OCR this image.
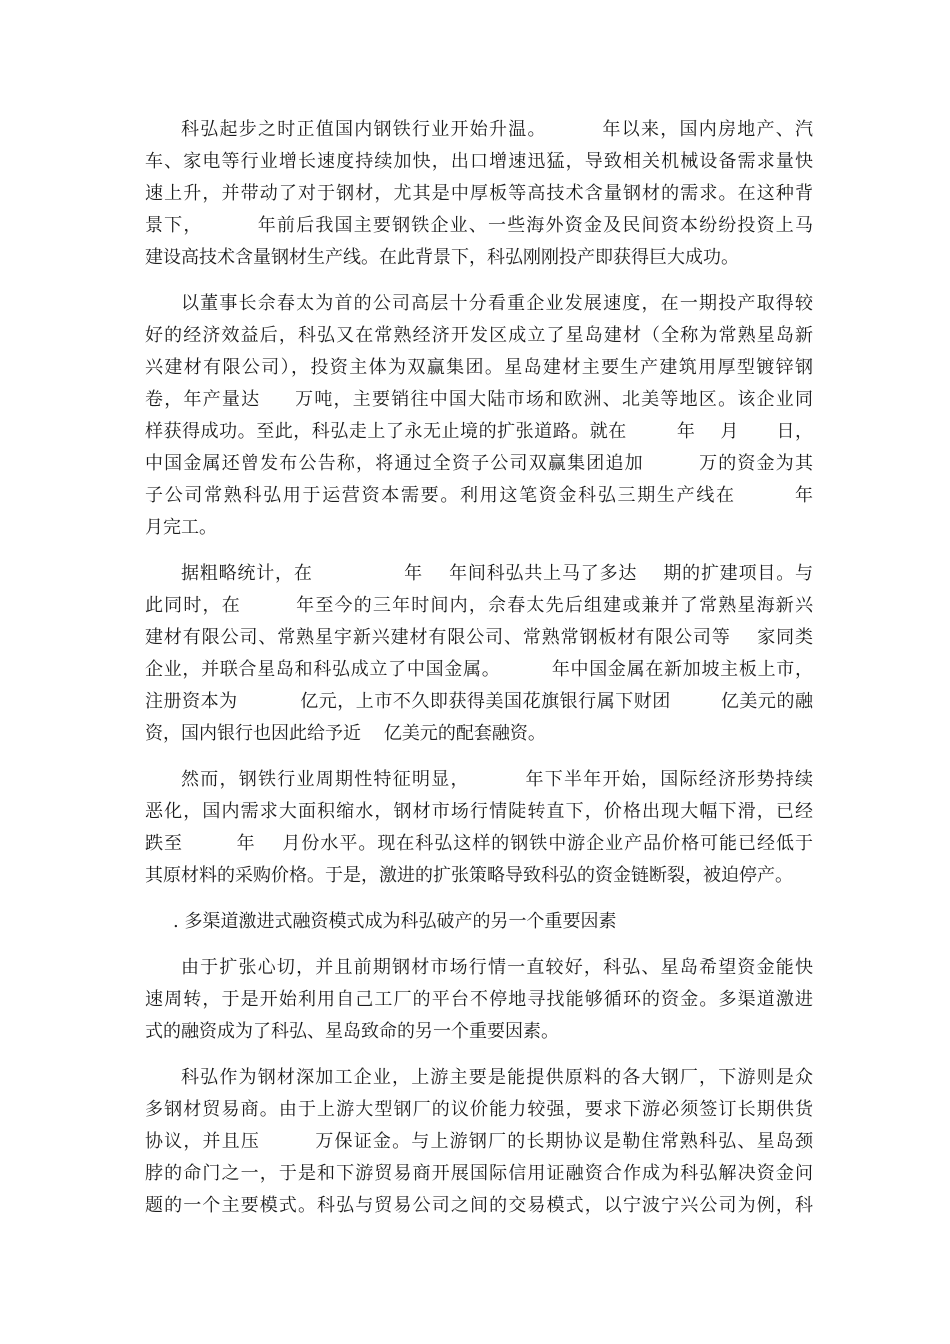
科弘起步之时正值国内钢铁行业开始升温。        年以来，国内房地产、汽
车、家电等行业增长速度持续加快，出口增速迅猛，导致相关机械设备需求量快
速上升，并带动了对于钢材，尤其是中厚板等高技术含量钢材的需求。在这种背
景下，        年前后我国主要钢铁企业、一些海外资金及民间资本纷纷投资上马
建设高技术含量钢材生产线。在此背景下，科弘刚刚投产即获得巨大成功。
以董事长佘春太为首的公司高层十分看重企业发展速度，在一期投产取得较
好的经济效益后，科弘又在常熟经济开发区成立了星岛建材（全称为常熟星岛新
兴建材有限公司），投资主体为双赢集团。星岛建材主要生产建筑用厚型镀锌钢
卷，年产量达     万吨，主要销往中国大陆市场和欧洲、北美等地区。该企业同
样获得成功。至此，科弘走上了永无止境的扩张道路。就在        年    月      日，
中国金属还曾发布公告称，将通过全资子公司双赢集团追加        万的资金为其
子公司常熟科弘用于运营资本需要。利用这笔资金科弘三期生产线在        年
月完工。
据粗略统计，在              年    年间科弘共上马了多达    期的扩建项目。与
此同时，在        年至今的三年时间内，佘春太先后组建或兼并了常熟星海新兴
建材有限公司、常熟星宇新兴建材有限公司、常熟常钢板材有限公司等    家同类
企业，并联合星岛和科弘成立了中国金属。        年中国金属在新加坡主板上市，
注册资本为          亿元，上市不久即获得美国花旗银行属下财团        亿美元的融
资，国内银行也因此给予近    亿美元的配套融资。
然而，钢铁行业周期性特征明显，        年下半年开始，国际经济形势持续
恶化，国内需求大面积缩水，钢材市场行情陡转直下，价格出现大幅下滑，已经
跌至        年    月份水平。现在科弘这样的钢铁中游企业产品价格可能已经低于
其原材料的采购价格。于是，激进的扩张策略导致科弘的资金链断裂，被迫停产。
. 多渠道激进式融资模式成为科弘破产的另一个重要因素
由于扩张心切，并且前期钢材市场行情一直较好，科弘、星岛希望资金能快
速周转，于是开始利用自己工厂的平台不停地寻找能够循环的资金。多渠道激进
式的融资成为了科弘、星岛致命的另一个重要因素。
科弘作为钢材深加工企业，上游主要是能提供原料的各大钢厂，下游则是众
多钢材贸易商。由于上游大型钢厂的议价能力较强，要求下游必须签订长期供货
协议，并且压        万保证金。与上游钢厂的长期协议是勒住常熟科弘、星岛颈
脖的命门之一，于是和下游贸易商开展国际信用证融资合作成为科弘解决资金问
题的一个主要模式。科弘与贸易公司之间的交易模式，以宁波宁兴公司为例，科
